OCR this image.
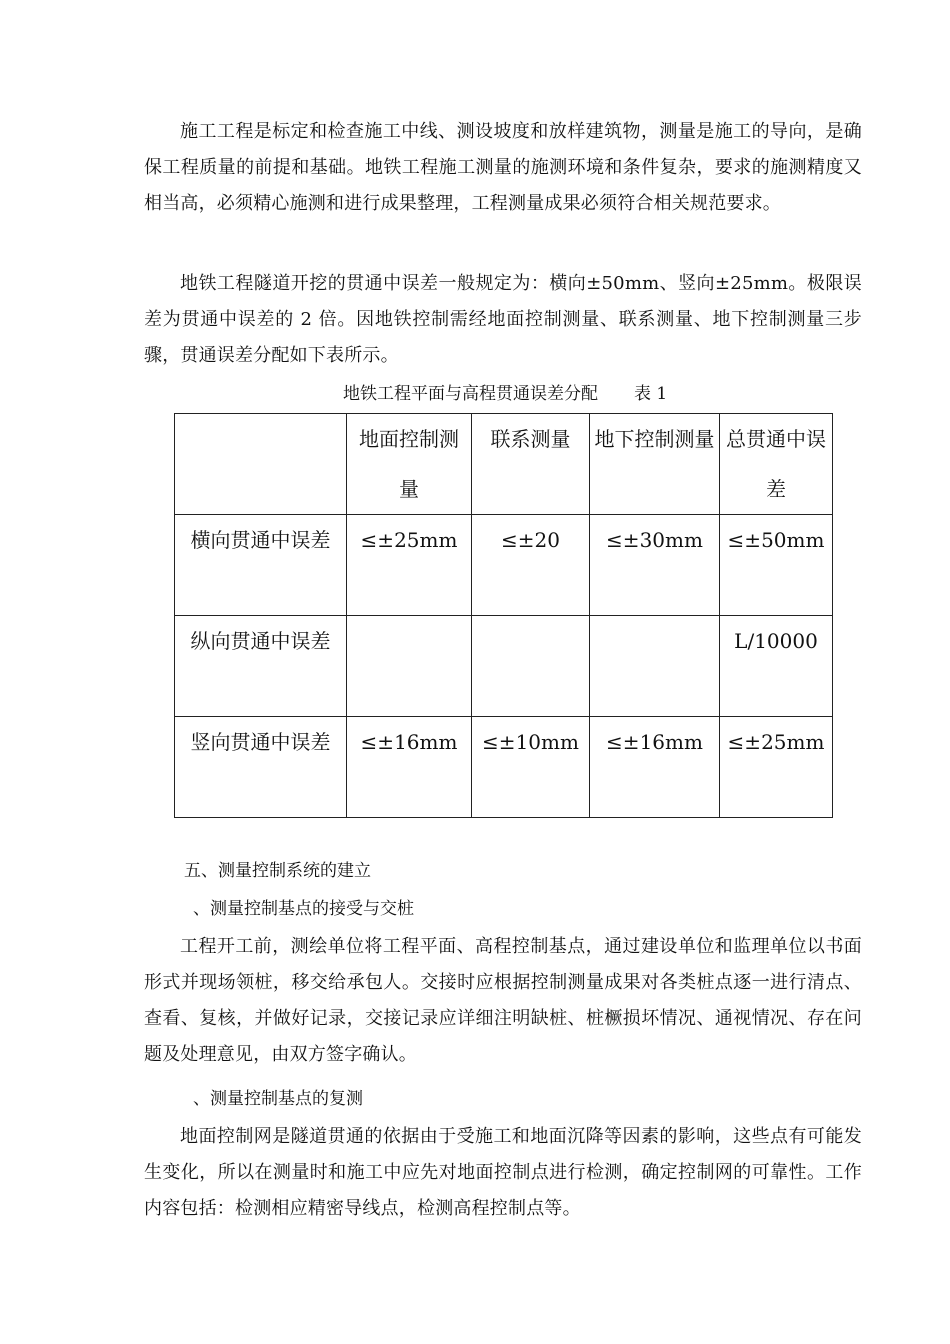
施工工程是标定和检查施工中线、测设坡度和放样建筑物，测量是施工的导向，是确保工程质量的前提和基础。地铁工程施工测量的施测环境和条件复杂，要求的施测精度又相当高，必须精心施测和进行成果整理，工程测量成果必须符合相关规范要求。

地铁工程隧道开挖的贯通中误差一般规定为：横向±50mm、竖向±25mm。极限误差为贯通中误差的 2 倍。因地铁控制需经地面控制测量、联系测量、地下控制测量三步骤，贯通误差分配如下表所示。

地铁工程平面与高程贯通误差分配 表 1
	地面控制测量	联系测量	地下控制测量	总贯通中误差
横向贯通中误差	≤±25mm	≤±20	≤±30mm	≤±50mm
纵向贯通中误差				L/10000
竖向贯通中误差	≤±16mm	≤±10mm	≤±16mm	≤±25mm

五、测量控制系统的建立

、测量控制基点的接受与交桩

工程开工前，测绘单位将工程平面、高程控制基点，通过建设单位和监理单位以书面形式并现场领桩，移交给承包人。交接时应根据控制测量成果对各类桩点逐一进行清点、查看、复核，并做好记录，交接记录应详细注明缺桩、桩橛损坏情况、通视情况、存在问题及处理意见，由双方签字确认。

、测量控制基点的复测

地面控制网是隧道贯通的依据由于受施工和地面沉降等因素的影响，这些点有可能发生变化，所以在测量时和施工中应先对地面控制点进行检测，确定控制网的可靠性。工作内容包括：检测相应精密导线点，检测高程控制点等。
